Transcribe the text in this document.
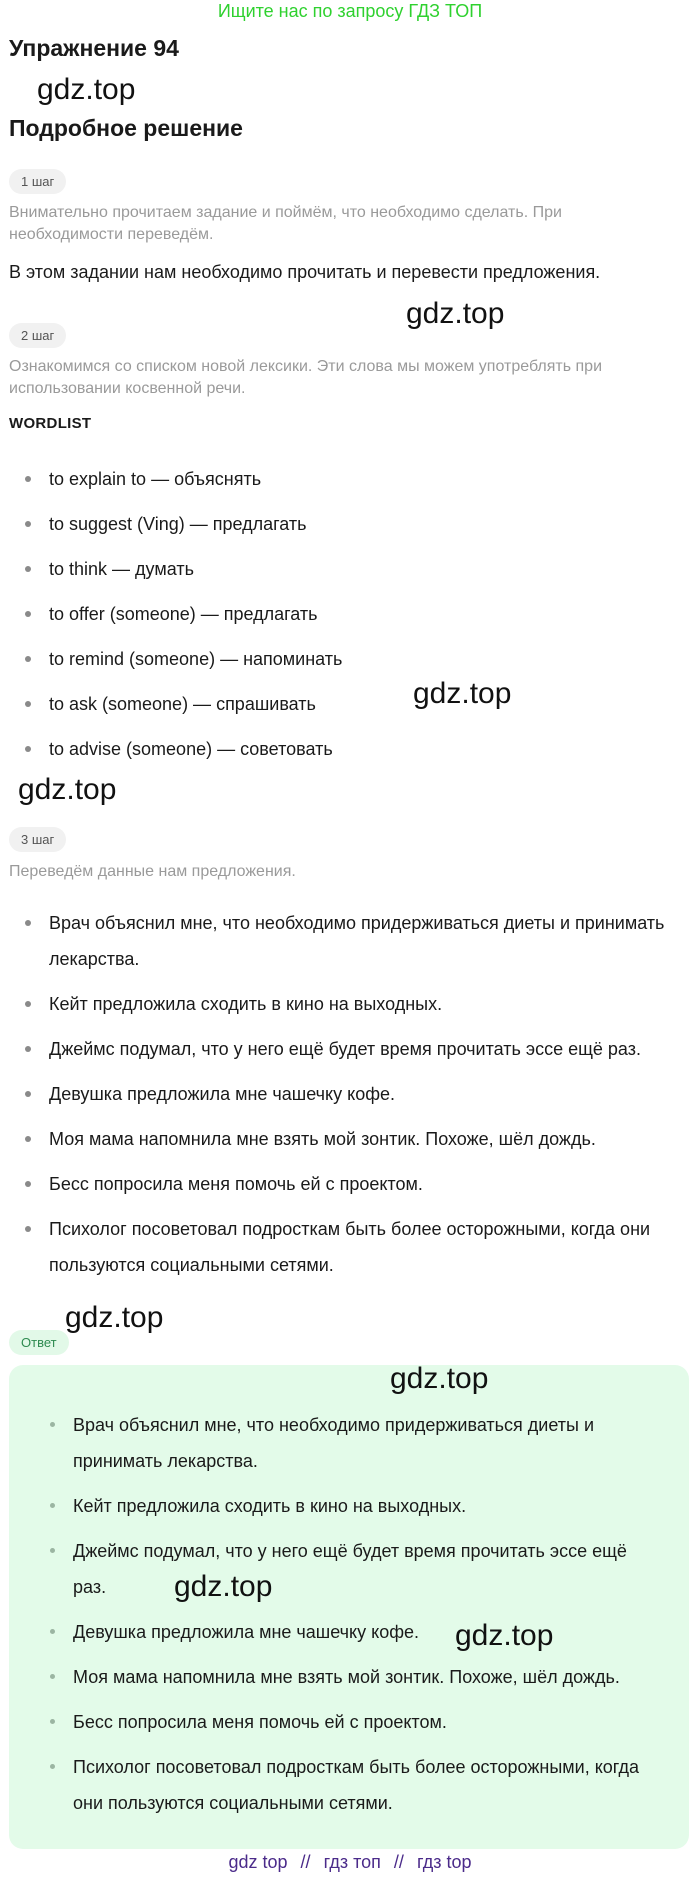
Ищите нас по запросу ГДЗ ТОП
Упражнение 94
gdz.top
Подробное решение
1 шаг
Внимательно прочитаем задание и поймём, что необходимо сделать. При необходимости переведём.
В этом задании нам необходимо прочитать и перевести предложения.
gdz.top
2 шаг
Ознакомимся со списком новой лексики. Эти слова мы можем употреблять при использовании косвенной речи.
WORDLIST
to explain to — объяснять
to suggest (Ving) — предлагать
to think — думать
to offer (someone) — предлагать
to remind (someone) — напоминать
to ask (someone) — спрашивать
to advise (someone) — советовать
gdz.top
gdz.top
3 шаг
Переведём данные нам предложения.
Врач объяснил мне, что необходимо придерживаться диеты и принимать лекарства.
Кейт предложила сходить в кино на выходных.
Джеймс подумал, что у него ещё будет время прочитать эссе ещё раз.
Девушка предложила мне чашечку кофе.
Моя мама напомнила мне взять мой зонтик. Похоже, шёл дождь.
Бесс попросила меня помочь ей с проектом.
Психолог посоветовал подросткам быть более осторожными, когда они пользуются социальными сетями.
gdz.top
Ответ
Врач объяснил мне, что необходимо придерживаться диеты и принимать лекарства.
Кейт предложила сходить в кино на выходных.
Джеймс подумал, что у него ещё будет время прочитать эссе ещё раз.
Девушка предложила мне чашечку кофе.
Моя мама напомнила мне взять мой зонтик. Похоже, шёл дождь.
Бесс попросила меня помочь ей с проектом.
Психолог посоветовал подросткам быть более осторожными, когда они пользуются социальными сетями.
gdz.top
gdz.top
gdz.top
gdz top // гдз топ // гдз top
